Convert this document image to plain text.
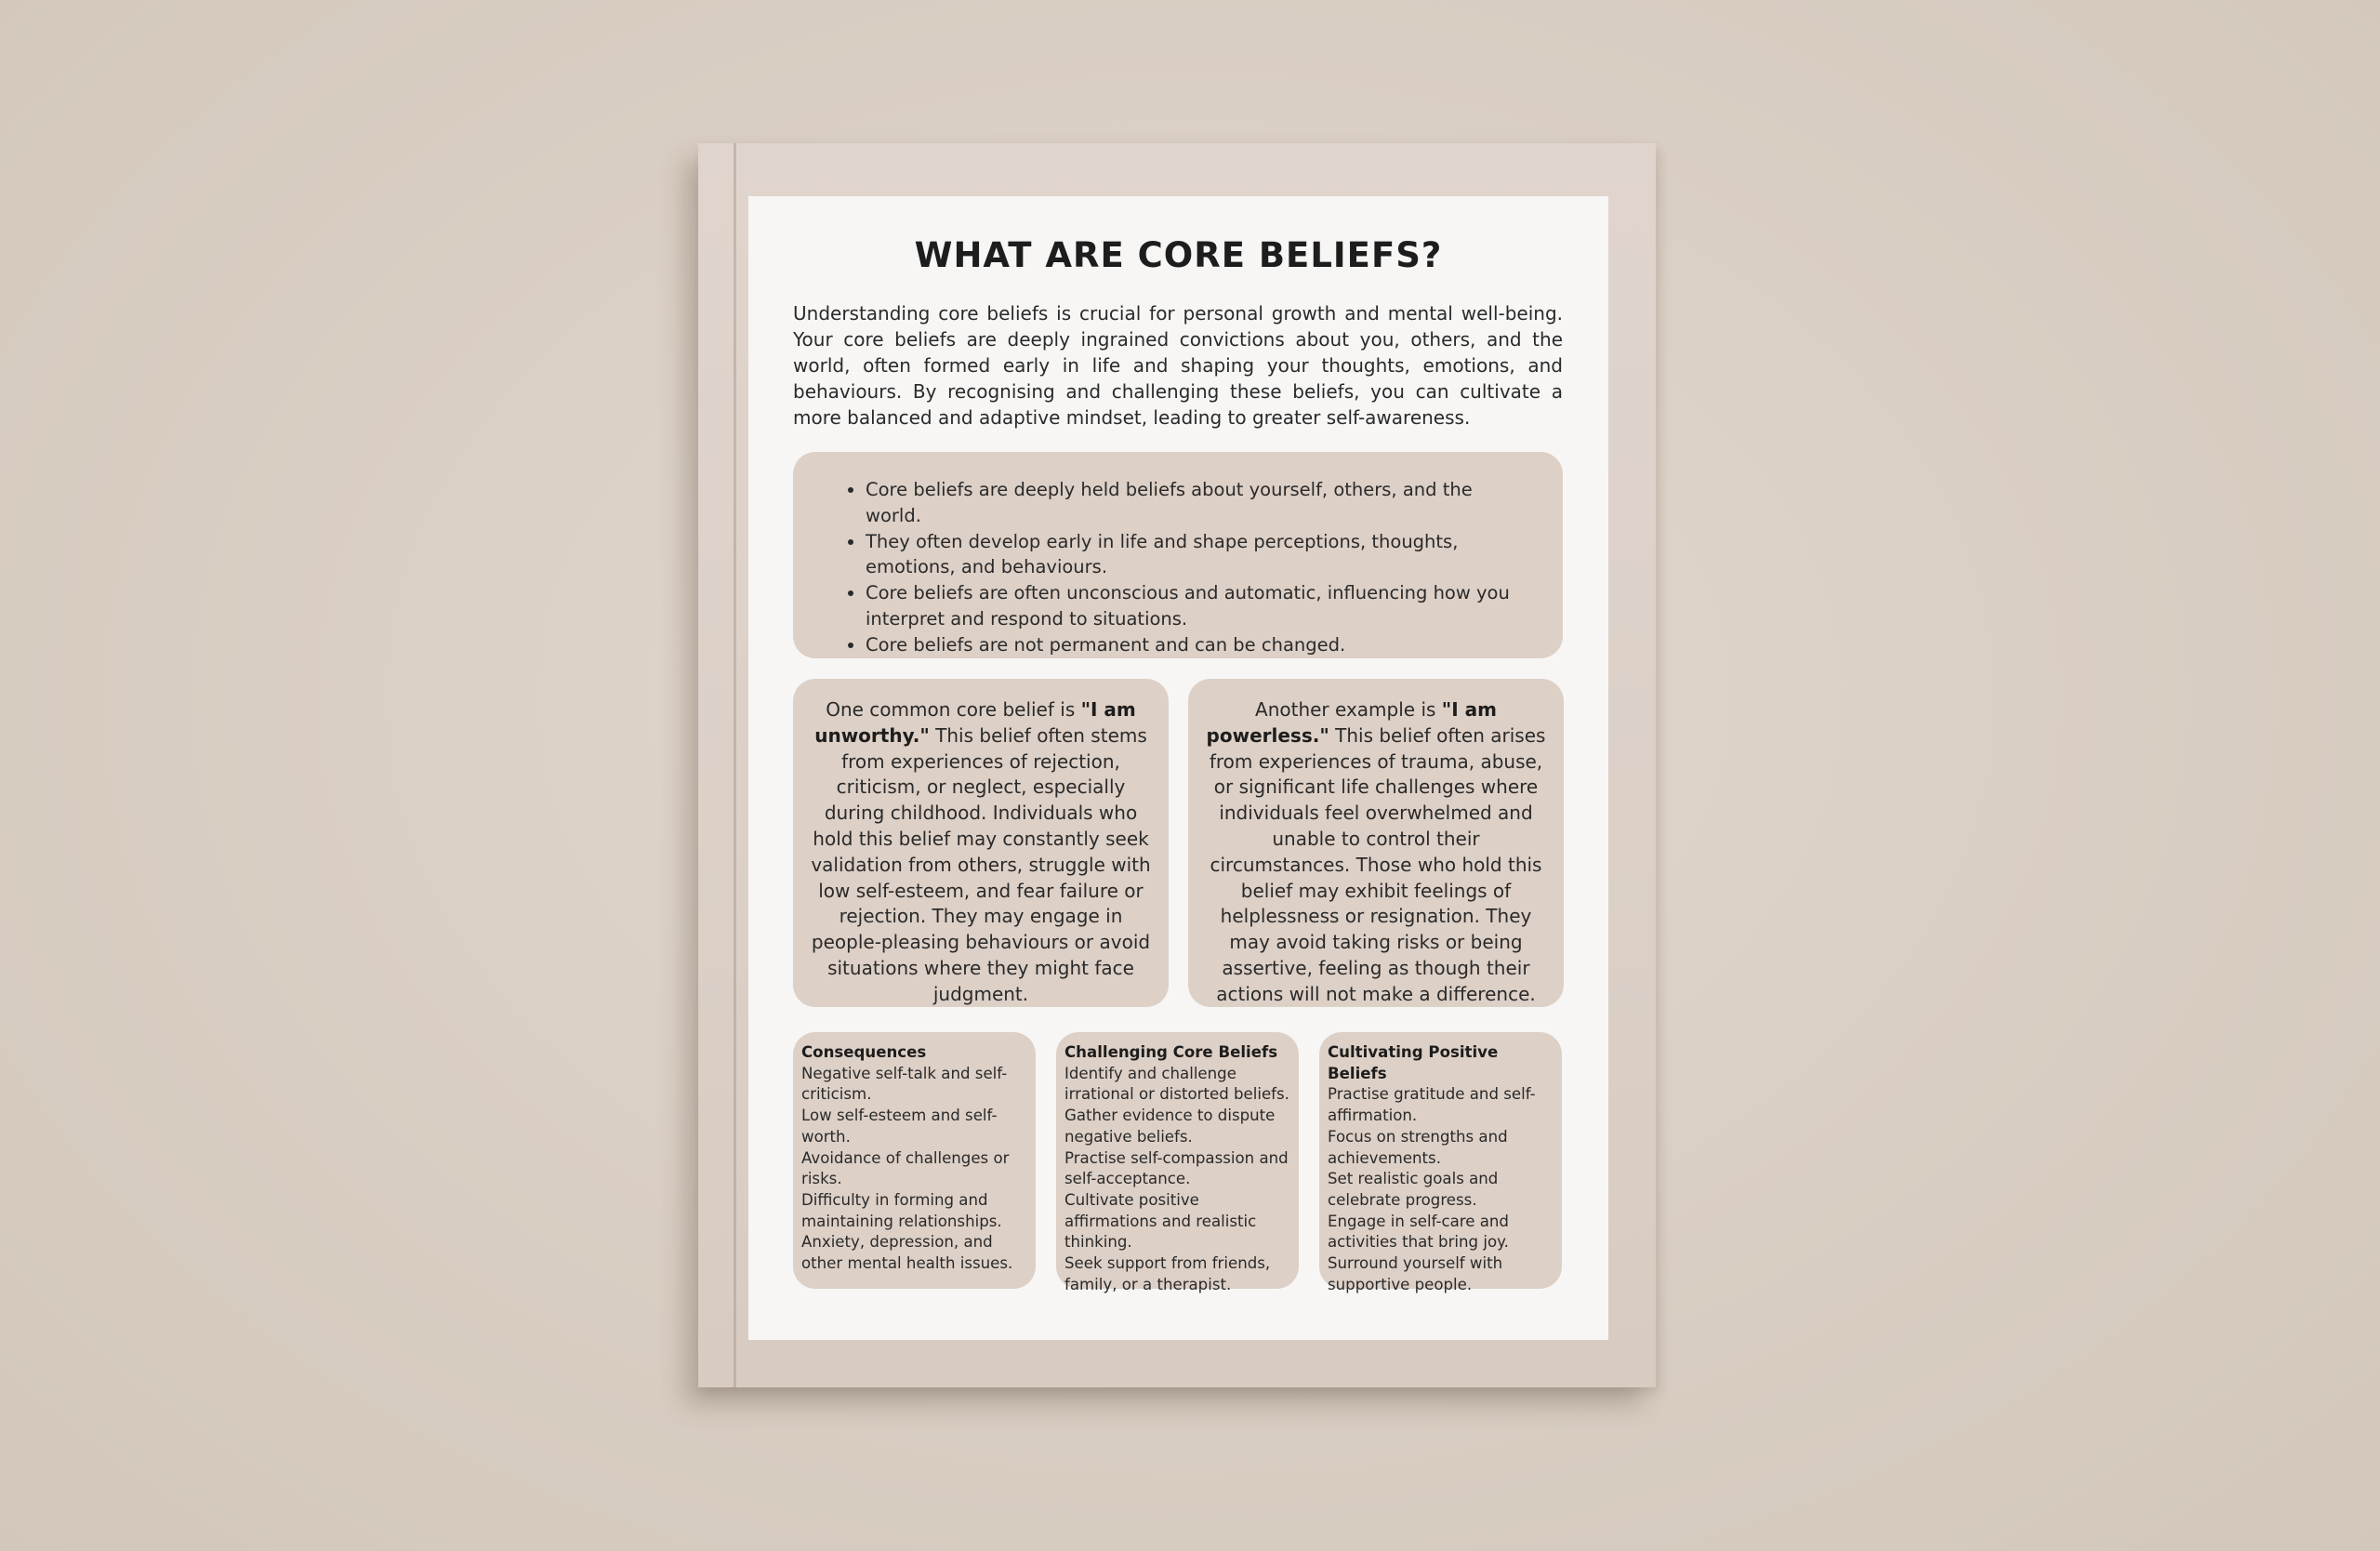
WHAT ARE CORE BELIEFS?

Understanding core beliefs is crucial for personal growth and mental well-being. Your core beliefs are deeply ingrained convictions about you, others, and the world, often formed early in life and shaping your thoughts, emotions, and behaviours. By recognising and challenging these beliefs, you can cultivate a more balanced and adaptive mindset, leading to greater self-awareness.

• Core beliefs are deeply held beliefs about yourself, others, and the world.
• They often develop early in life and shape perceptions, thoughts, emotions, and behaviours.
• Core beliefs are often unconscious and automatic, influencing how you interpret and respond to situations.
• Core beliefs are not permanent and can be changed.
One common core belief is "I am unworthy." This belief often stems from experiences of rejection, criticism, or neglect, especially during childhood. Individuals who hold this belief may constantly seek validation from others, struggle with low self-esteem, and fear failure or rejection. They may engage in people-pleasing behaviours or avoid situations where they might face judgment.
Another example is "I am powerless." This belief often arises from experiences of trauma, abuse, or significant life challenges where individuals feel overwhelmed and unable to control their circumstances. Those who hold this belief may exhibit feelings of helplessness or resignation. They may avoid taking risks or being assertive, feeling as though their actions will not make a difference.
Consequences
Negative self-talk and self-criticism.
Low self-esteem and self-worth.
Avoidance of challenges or risks.
Difficulty in forming and maintaining relationships.
Anxiety, depression, and other mental health issues.
Challenging Core Beliefs
Identify and challenge irrational or distorted beliefs.
Gather evidence to dispute negative beliefs.
Practise self-compassion and self-acceptance.
Cultivate positive affirmations and realistic thinking.
Seek support from friends, family, or a therapist.
Cultivating Positive Beliefs
Practise gratitude and self-affirmation.
Focus on strengths and achievements.
Set realistic goals and celebrate progress.
Engage in self-care and activities that bring joy.
Surround yourself with supportive people.
